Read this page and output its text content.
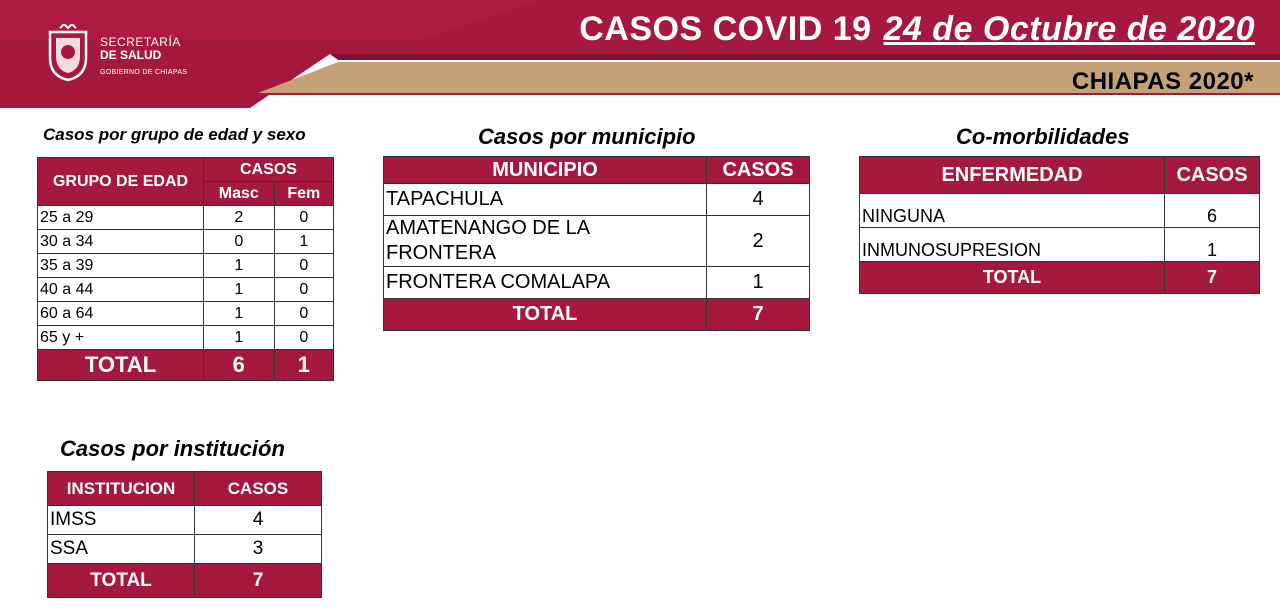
SECRETARÍA
DE SALUD
GOBIERNO DE CHIAPAS
CASOS COVID 19 24 de Octubre de 2020
CHIAPAS 2020*
Casos por grupo de edad y sexo
GRUPO DE EDAD	CASOS	
	Masc	Fem
25 a 29	2	0
30 a 34	0	1
35 a 39	1	0
40 a 44	1	0
60 a 64	1	0
65 y +	1	0
TOTAL	6	1
Casos por municipio
MUNICIPIO	CASOS
TAPACHULA	4
AMATENANGO DE LA FRONTERA	2
FRONTERA COMALAPA	1
TOTAL	7
Co-morbilidades
ENFERMEDAD	CASOS
NINGUNA	6
INMUNOSUPRESION	1
TOTAL	7
Casos por institución
INSTITUCION	CASOS
IMSS	4
SSA	3
TOTAL	7
